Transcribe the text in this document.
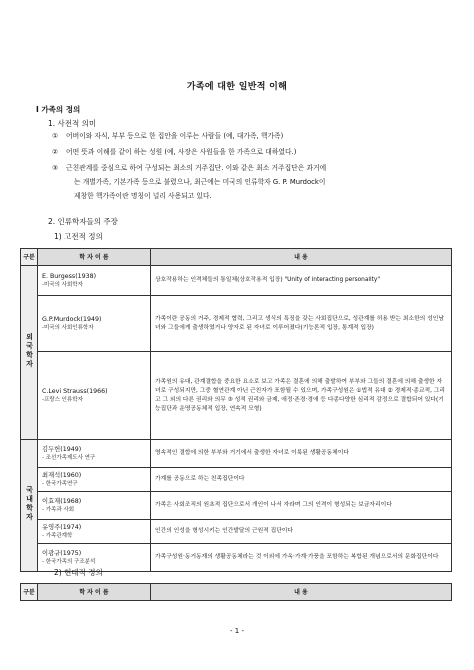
가족에 대한 일반적 이해
Ⅰ 가족의 정의
1. 사전적 의미
① 어버이와 자식, 부부 등으로 한 집안을 이루는 사람들 (예, 대가족, 핵가족)
② 어떤 뜻과 이해를 같이 하는 성원 (예, 사장은 사원들을 한 가족으로 대하였다.)
③ 근친관계를 중심으로 하여 구성되는 최소의 거주집단. 이와 같은 최소 거주집단은 과거에
는 개별가족, 기본가족 등으로 불렸으나, 최근에는 미국의 인류학자 G. P. Murdock이
제창한 핵가족이란 명칭이 널리 사용되고 있다.
2. 인류학자들의 주장
1) 고전적 정의
구분	학 자 이 름	내 용
외국학자	E. Burgess(1938)
-미국의 사회학자	상호작용하는 인격체들의 통일체(상호작용적 입장) "Unity of interacting personality"

	G.P.Murdock(1949)
-미국의 사회인류학자	가족이란 공동의 거주, 경제적 협력, 그리고 생식의 특징을 갖는 사회집단으로, 성관계를 허용 받는 최소한의 성인남녀와 그들에게 출생하였거나 양자로 된 자녀로 이루어졌다(기능론적 입장, 통계적 입장)

	C.Levi Strauss(1966)
-프랑스 인류학자	가족원의 유대, 관계결합을 중요한 요소로 보고 가족은 결혼에 의해 출발하여 부부와 그들의 결혼에 의해 출생한 자녀로 구성되지만, 그중 혈연관계 아닌 근친자가 포함될 수 있으며, 가족구성원은 ①법적 유대 ② 경제적·종교적, 그리고 그 외의 다른 권리와 의무 ③ 성적 권리와 금제, 애정·존경·경애 등 다종다양한 심리적 감정으로 결합되어 있다(기능집단과 운명공동체적 입장, 연속적 모형)
국내학자	김두헌(1949)
- 조선가족제도사 연구	영속적인 결합에 의한 부부와 거기에서 출생한 자녀로 이룩된 생활공동체이다

	최재석(1960)
- 한국가족연구	가계를 공동으로 하는 친족집단이다

	이효재(1968)
- 가족과 사회	가족은 사회조직의 원초적 집단으로서 개인이 나서 자라며 그의 인격이 형성되는 보금자리이다

	유영주(1974)
- 가족관계학	인간의 인성을 형성시키는 인간발달의 근원적 집단이다

	이광규(1975)
- 한국가족의 구조분석	가족구성원·동거동재의 생활공동체라는 것 이외에 가옥·가계·가풍을 포함하는 복합된 개념으로서의 문화집단이다
2) 현대적 정의
구분	학 자 이 름	내 용
- 1 -
